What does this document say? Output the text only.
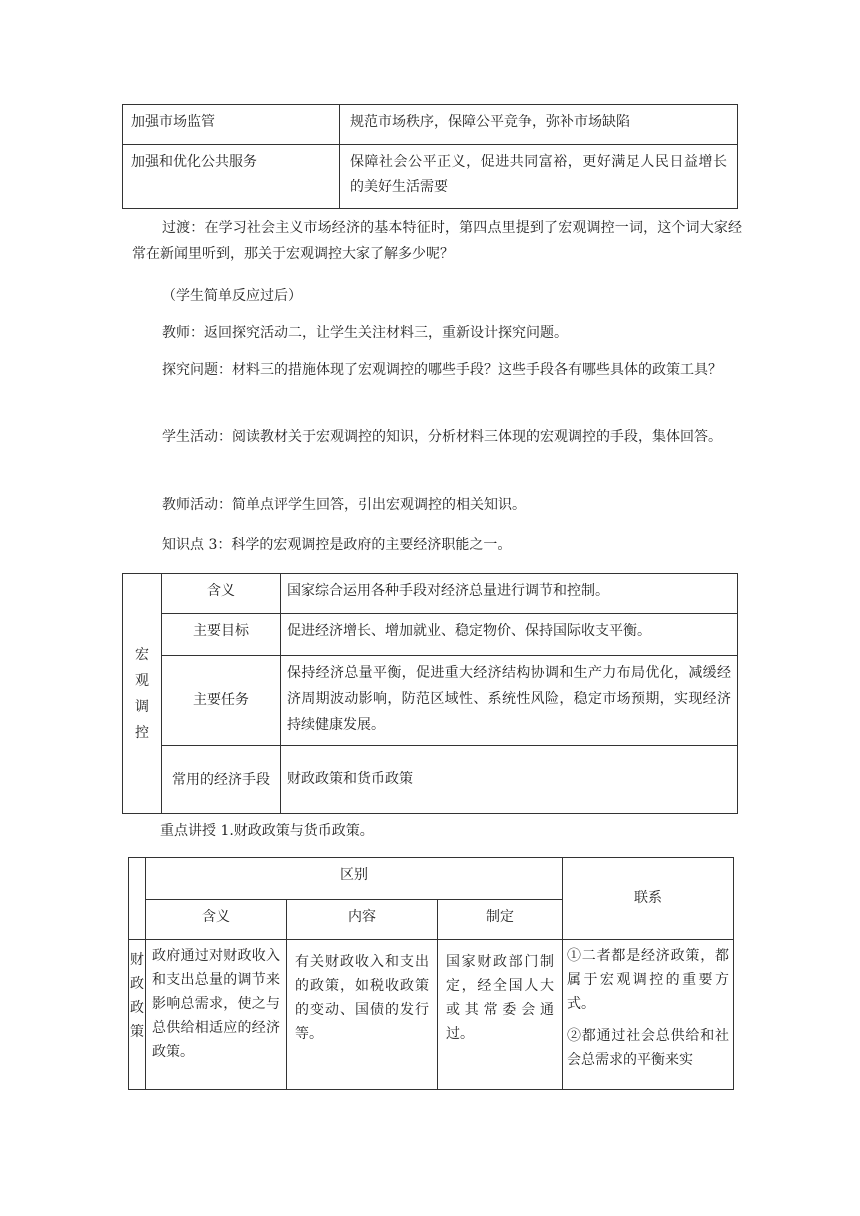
加强市场监管	规范市场秩序，保障公平竞争，弥补市场缺陷
加强和优化公共服务	保障社会公平正义，促进共同富裕，更好满足人民日益增长的美好生活需要

过渡：在学习社会主义市场经济的基本特征时，第四点里提到了宏观调控一词，这个词大家经常在新闻里听到，那关于宏观调控大家了解多少呢？

（学生简单反应过后）

教师：返回探究活动二，让学生关注材料三，重新设计探究问题。

探究问题：材料三的措施体现了宏观调控的哪些手段？这些手段各有哪些具体的政策工具？

学生活动：阅读教材关于宏观调控的知识，分析材料三体现的宏观调控的手段，集体回答。

教师活动：简单点评学生回答，引出宏观调控的相关知识。

知识点 3：科学的宏观调控是政府的主要经济职能之一。

宏观调控	含义	国家综合运用各种手段对经济总量进行调节和控制。
	主要目标	促进经济增长、增加就业、稳定物价、保持国际收支平衡。
	主要任务	保持经济总量平衡，促进重大经济结构协调和生产力布局优化，减缓经济周期波动影响，防范区域性、系统性风险，稳定市场预期，实现经济持续健康发展。
	常用的经济手段	财政政策和货币政策

重点讲授 1.财政政策与货币政策。

	区别			联系
	含义	内容	制定	

财政政策	政府通过对财政收入和支出总量的调节来影响总需求，使之与总供给相适应的经济政策。	有关财政收入和支出的政策，如税收政策的变动、国债的发行等。	国家财政部门制定，经全国人大或其常委会通过。	①二者都是经济政策，都属于宏观调控的重要方式。
②都通过社会总供给和社会总需求的平衡来实
